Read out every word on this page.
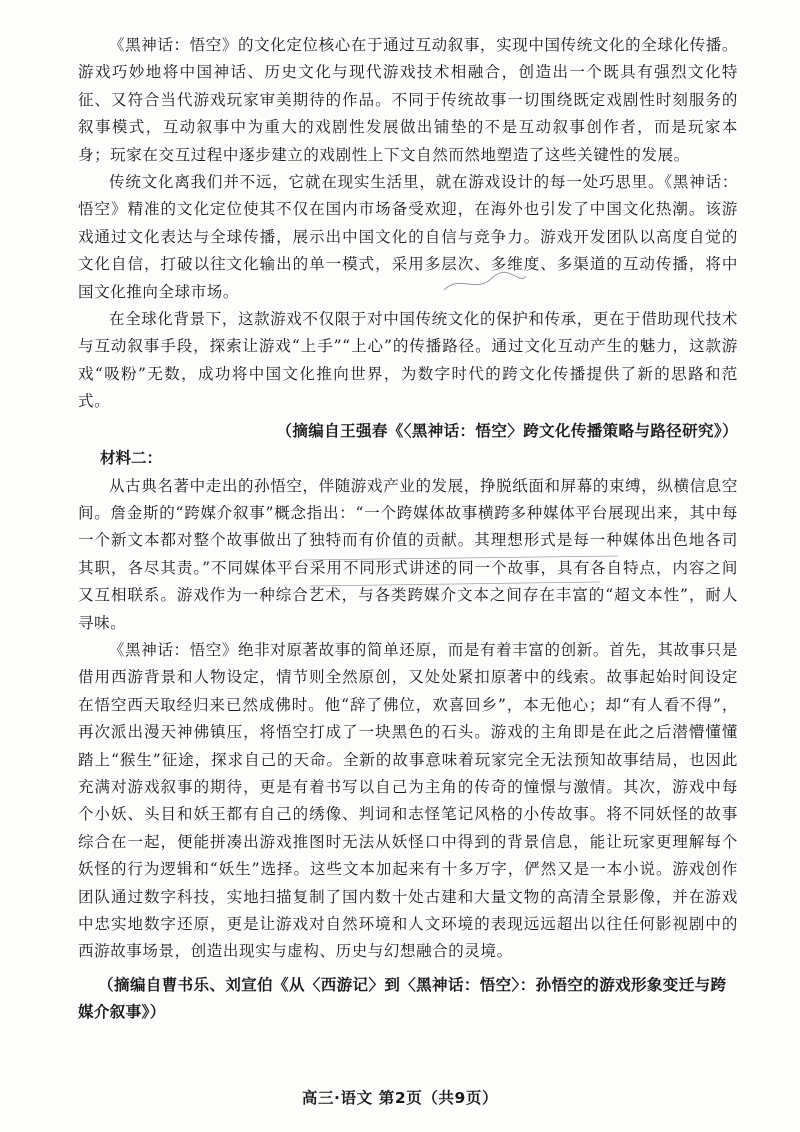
《黑神话：悟空》的文化定位核心在于通过互动叙事，实现中国传统文化的全球化传播。游戏巧妙地将中国神话、历史文化与现代游戏技术相融合，创造出一个既具有强烈文化特征、又符合当代游戏玩家审美期待的作品。不同于传统故事一切围绕既定戏剧性时刻服务的叙事模式，互动叙事中为重大的戏剧性发展做出铺垫的不是互动叙事创作者，而是玩家本身；玩家在交互过程中逐步建立的戏剧性上下文自然而然地塑造了这些关键性的发展。

传统文化离我们并不远，它就在现实生活里，就在游戏设计的每一处巧思里。《黑神话：悟空》精准的文化定位使其不仅在国内市场备受欢迎，在海外也引发了中国文化热潮。该游戏通过文化表达与全球传播，展示出中国文化的自信与竞争力。游戏开发团队以高度自觉的文化自信，打破以往文化输出的单一模式，采用多层次、多维度、多渠道的互动传播，将中国文化推向全球市场。

在全球化背景下，这款游戏不仅限于对中国传统文化的保护和传承，更在于借助现代技术与互动叙事手段，探索让游戏“上手”“上心”的传播路径。通过文化互动产生的魅力，这款游戏“吸粉”无数，成功将中国文化推向世界，为数字时代的跨文化传播提供了新的思路和范式。

（摘编自王强春《〈黑神话：悟空〉跨文化传播策略与路径研究》）

材料二：

从古典名著中走出的孙悟空，伴随游戏产业的发展，挣脱纸面和屏幕的束缚，纵横信息空间。詹金斯的“跨媒介叙事”概念指出：“一个跨媒体故事横跨多种媒体平台展现出来，其中每一个新文本都对整个故事做出了独特而有价值的贡献。其理想形式是每一种媒体出色地各司其职，各尽其责。”不同媒体平台采用不同形式讲述的同一个故事，具有各自特点，内容之间又互相联系。游戏作为一种综合艺术，与各类跨媒介文本之间存在丰富的“超文本性”，耐人寻味。

《黑神话：悟空》绝非对原著故事的简单还原，而是有着丰富的创新。首先，其故事只是借用西游背景和人物设定，情节则全然原创，又处处紧扣原著中的线索。故事起始时间设定在悟空西天取经归来已然成佛时。他“辞了佛位，欢喜回乡”，本无他心；却“有人看不得”，再次派出漫天神佛镇压，将悟空打成了一块黑色的石头。游戏的主角即是在此之后潜懵懂懂踏上“猴生”征途，探求自己的天命。全新的故事意味着玩家完全无法预知故事结局，也因此充满对游戏叙事的期待，更是有着书写以自己为主角的传奇的憧憬与激情。其次，游戏中每个小妖、头目和妖王都有自己的绣像、判词和志怪笔记风格的小传故事。将不同妖怪的故事综合在一起，便能拼凑出游戏推图时无法从妖怪口中得到的背景信息，能让玩家更理解每个妖怪的行为逻辑和“妖生”选择。这些文本加起来有十多万字，俨然又是一本小说。游戏创作团队通过数字科技，实地扫描复制了国内数十处古建和大量文物的高清全景影像，并在游戏中忠实地数字还原，更是让游戏对自然环境和人文环境的表现远远超出以往任何影视剧中的西游故事场景，创造出现实与虚构、历史与幻想融合的灵境。

（摘编自曹书乐、刘宣伯《从〈西游记〉到〈黑神话：悟空〉：孙悟空的游戏形象变迁与跨媒介叙事》）

高三·语文 第2页（共9页）
